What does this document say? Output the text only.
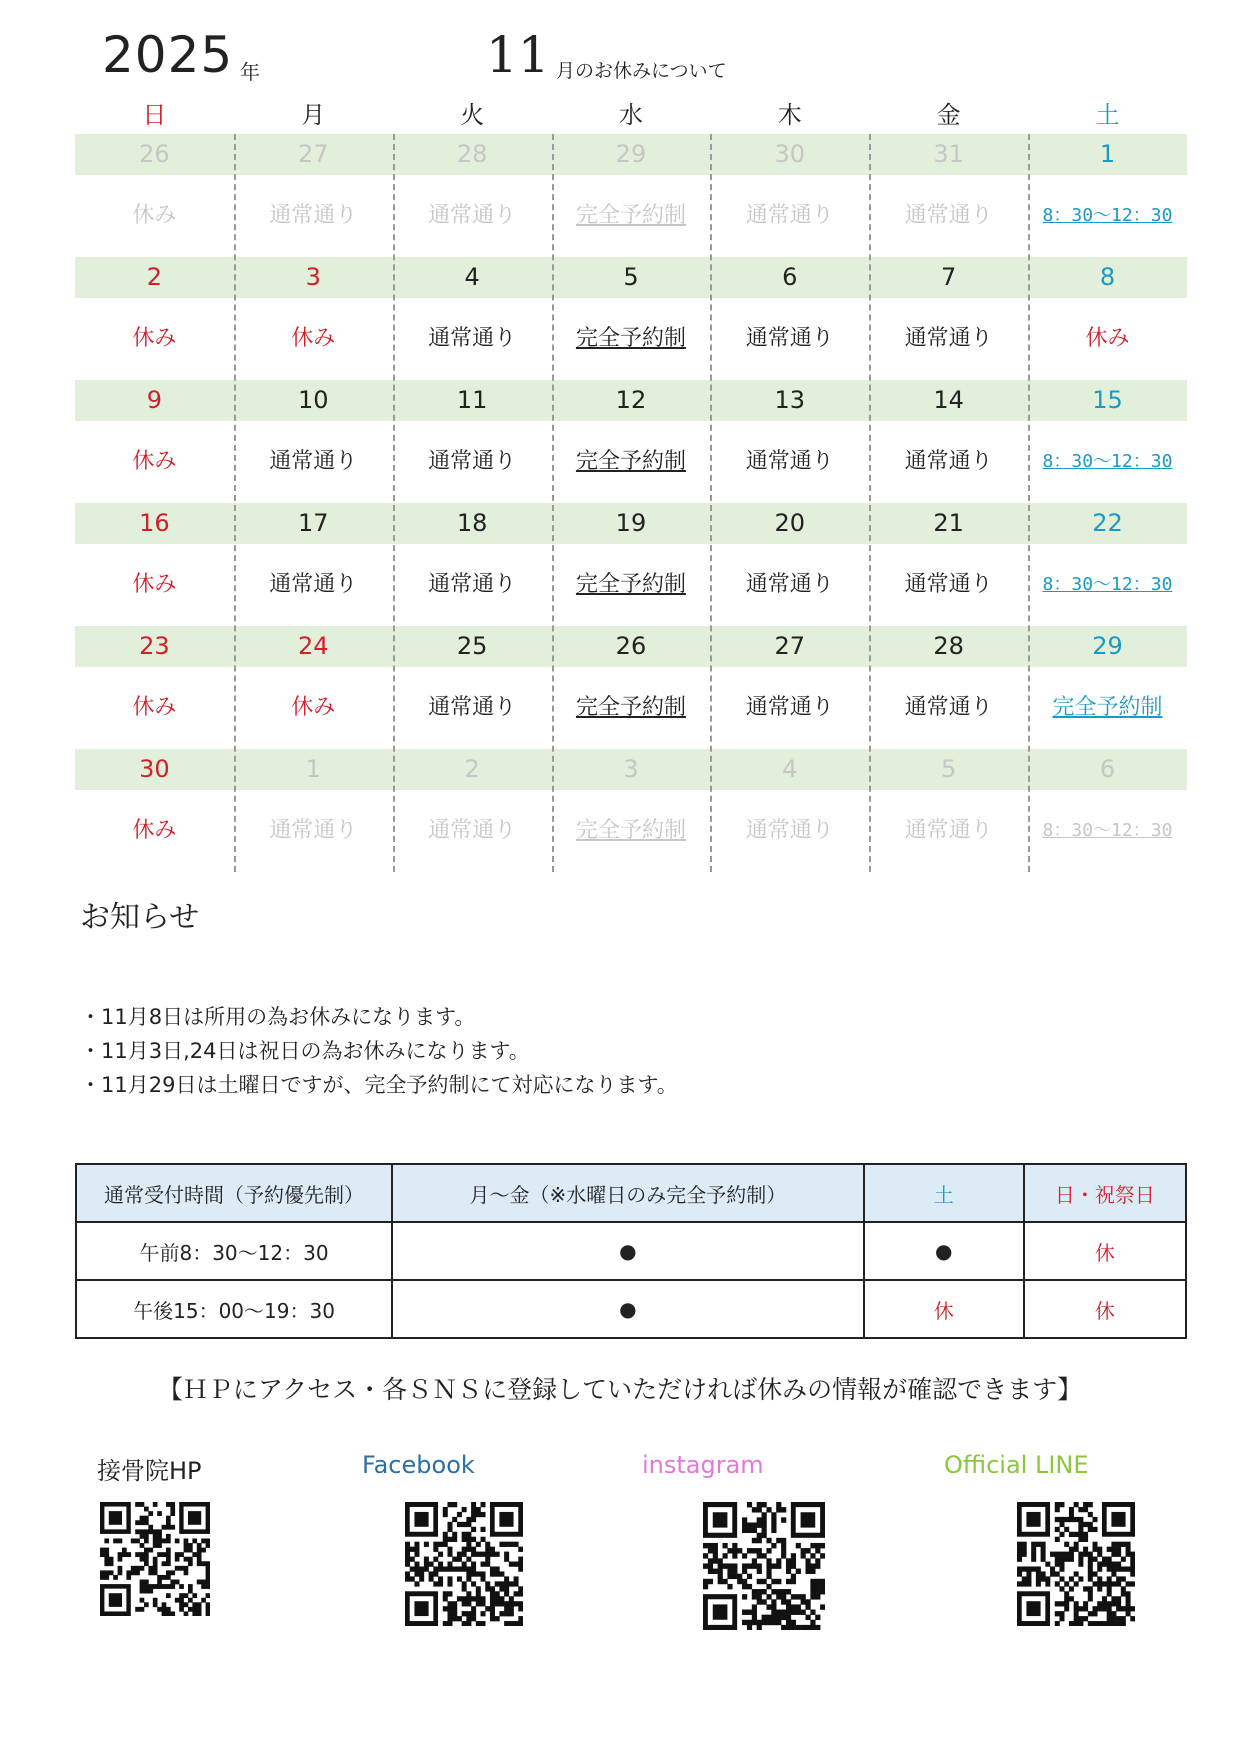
2025 年	11 月のお休みについて
日	月	火	水	木	金	土
26	27	28	29	30	31	1
休み	通常通り	通常通り	完全予約制	通常通り	通常通り	8：30～12：30
2	3	4	5	6	7	8
休み	休み	通常通り	完全予約制	通常通り	通常通り	休み
9	10	11	12	13	14	15
休み	通常通り	通常通り	完全予約制	通常通り	通常通り	8：30～12：30
16	17	18	19	20	21	22
休み	通常通り	通常通り	完全予約制	通常通り	通常通り	8：30～12：30
23	24	25	26	27	28	29
休み	休み	通常通り	完全予約制	通常通り	通常通り	完全予約制
30	1	2	3	4	5	6
休み	通常通り	通常通り	完全予約制	通常通り	通常通り	8：30～12：30
お知らせ
・11月8日は所用の為お休みになります。
・11月3日,24日は祝日の為お休みになります。
・11月29日は土曜日ですが、完全予約制にて対応になります。
通常受付時間（予約優先制）	月～金（※水曜日のみ完全予約制）	土	日・祝祭日
午前8：30～12：30	●	●	休
午後15：00～19：30	●	休	休
【ＨＰにアクセス・各ＳＮＳに登録していただければ休みの情報が確認できます】
接骨院HP	Facebook	instagram	Official LINE
